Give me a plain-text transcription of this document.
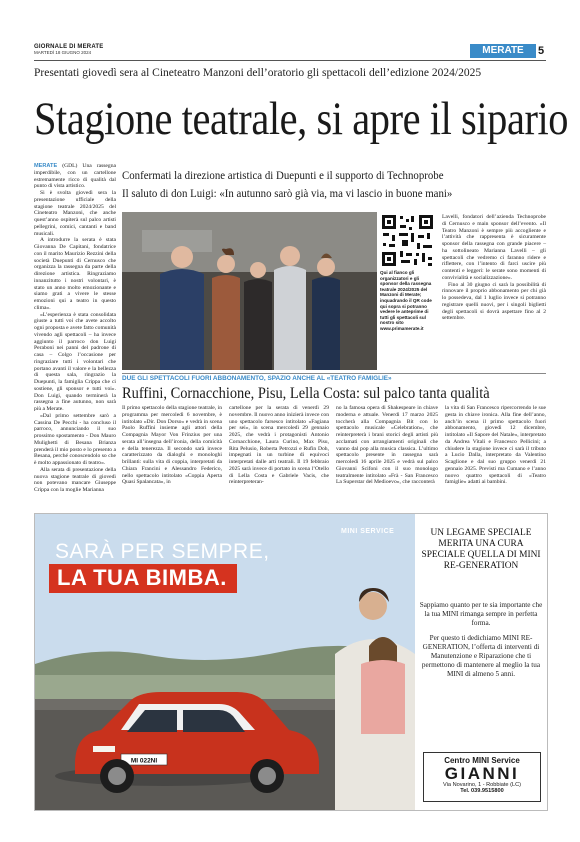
GIORNALE DI MERATE
MARTEDÌ 18 GIUGNO 2024	MERATE	5
Presentati giovedì sera al Cineteatro Manzoni dell’oratorio gli spettacoli dell’edizione 2024/2025
Stagione teatrale, si apre il sipario

MERATE (GDL) Una rassegna imperdibile, con un cartellone estremamente ricco di qualità dal punto di vista artistico.

Si è svolta giovedì sera la presentazione ufficiale della stagione teatrale 2024/2025 del Cineteatro Manzoni, che anche quest’anno ospiterà sul palco artisti pellegrini, comici, cantanti e band musicali.

A introdurre la serata è stata Giovanna De Capitani, fondatrice con il marito Maurizio Rezzini della società Duepunti di Cernusco che organizza la rassegna da parte della direzione artistica. Ringraziamo innanzitutto i nostri volontari, è stato un anno molto emozionante e siamo grati a vivere le stesse emozioni qui a teatro in questo clima».

«L’esperienza è stata consolidata giuste a tutti voi che avete accolto ogni proposta e avete fatto comunità vivendo agli spettacoli – ha invece aggiunto il parroco don Luigi Peraboni nei panni del padrone di casa – Colgo l’occasione per ringraziare tutti i volontari che portano avanti il valore e la bellezza di questa sala, ringrazio la Duepunti, la famiglia Crippa che ci sostiene, gli sponsor e tutti voi». Don Luigi, quando terminerà la rassegna a fine autunno, non sarà più a Merate.

«Dal primo settembre sarò a Cassina De Pecchi - ha concluso il parroco, annunciando il suo prossimo spostamento - Don Mauro Mulighetti di Besana Brianza prenderà il mio posto e lo presento a Besana, perché conoscendolo so che è molto appassionato di teatro».

Alla serata di presentazione della nuova stagione teatrale di giovedì non potevano mancare Giuseppe Crippa con la moglie Marianna

Confermati la direzione artistica di Duepunti e il supporto di Technoprobe
Il saluto di don Luigi: «In autunno sarò già via, ma vi lascio in buone mani»
Qui al fianco gli organizzatori e gli sponsor della rassegna teatrale 2024/2025 del Manzoni di Merate; inquadrando il QR code qui sopra si potranno vedere le anteprime di tutti gli spettacoli sul nostro sito www.primamerate.it

Lavelli, fondatori dell’azienda Technoprobe di Cernusco e main sponsor dell’evento. «Il Teatro Manzoni è sempre più accogliente e l’attività che rappresenta è sicuramente sponsor della rassegna con grande piacere – ha sottolineato Marianna Lavelli – gli spettacoli che vedremo ci faranno ridere e riflettere, con l’intento di farci uscire più contenti e leggeri: le serate sono momenti di convivialità e socializzazione».

Fino al 30 giugno ci sarà la possibilità di rinnovare il proprio abbonamento per chi già lo possedeva, dal 1 luglio invece si potranno registrare quelli nuovi, per i singoli biglietti degli spettacoli si dovrà aspettare fino al 2 settembre.

DUE GLI SPETTACOLI FUORI ABBONAMENTO, SPAZIO ANCHE AL «TEATRO FAMIGLIE»
Ruffini, Cornacchione, Pisu, Lella Costa: sul palco tanta qualità
Il primo spettacolo della stagione teatrale, in programma per mercoledì 6 novembre, è intitolato «Dir. Don Dorso» e vedrà in scena Paolo Ruffini insieme agli attori della Compagnia Mayor Von Frinzius per una serata all’insegna dell’ironia, della comicità e della tenerezza. Il secondo sarà invece caratterizzato da dialoghi e monologhi brillanti: sulla vita di coppia, interpretati da Chiara Francini e Alessandro Federico, nello spettacolo intitolato «Coppia Aperta Quasi Spalancata», in
cartellone per la serata di venerdì 29 novembre. Il nuovo anno inizierà invece con uno spettacolo farsesco intitolato «Fagiana per sei», in scena mercoledì 29 gennaio 2025, che vedrà i protagonisti Antonio Cornacchione, Laura Curino, Max Pisu, Rita Pelusio, Roberta Petrozzi e Rufin Doh, impegnati in un turbine di equivoci interpretati dalle arti teatrali. Il 19 febbraio 2025 sarà invece di portato in scena l’Otello di Lella Costa e Gabriele Vacis, che reinterpreteran-
no la famosa opera di Shakespeare in chiave moderna e attuale. Venerdì 17 marzo 2025 toccherà alla Compagnia Bit con lo spettacolo musicale «Celebration», che reinterpreterà i brani storici degli artisti più acclamati con arrangiamenti originali che vanno dal pop alla musica classica. L’ultimo spettacolo presente in rassegna sarà mercoledì 16 aprile 2025 e vedrà sul palco Giovanni Scifoni con il suo monologo teatralmente intitolato «Frà - San Francesco La Superstar del Medioevo», che racconterà
la vita di San Francesco ripercorrendo le sue gesta in chiave ironica. Alla fine dell’anno, anch’in scena il primo spettacolo fuori abbonamento, giovedì 12 dicembre, intitolato «Il Sapore del Natale», interpretato da Andrea Vitali e Francesco Pellicini; a chiudere la stagione invece ci sarà il tributo a Lucio Dalla, interpretato da Valentino Scaglione e dal suo gruppo venerdì 21 gennaio 2025. Previsti ma Cumano e l’anno nuovo quattro spettacoli di «Teatro famiglie» adatti ai bambini.
MI 022NI
MINI SERVICE
SARÀ PER SEMPRE,
LA TUA BIMBA.
UN LEGAME SPECIALE MERITA UNA CURA SPECIALE QUELLA DI MINI RE-GENERATION
Sappiamo quanto per te sia importante che la tua MINI rimanga sempre in perfetta forma.
Per questo ti dedichiamo MINI RE-GENERATION, l’offerta di interventi di Manutenzione e Riparazione che ti permettono di mantenere al meglio la tua MINI di almeno 5 anni.
Centro MINI Service
GIANNI
Via Novarino, 1 - Robbiate (LC)
Tel. 039.9515800
